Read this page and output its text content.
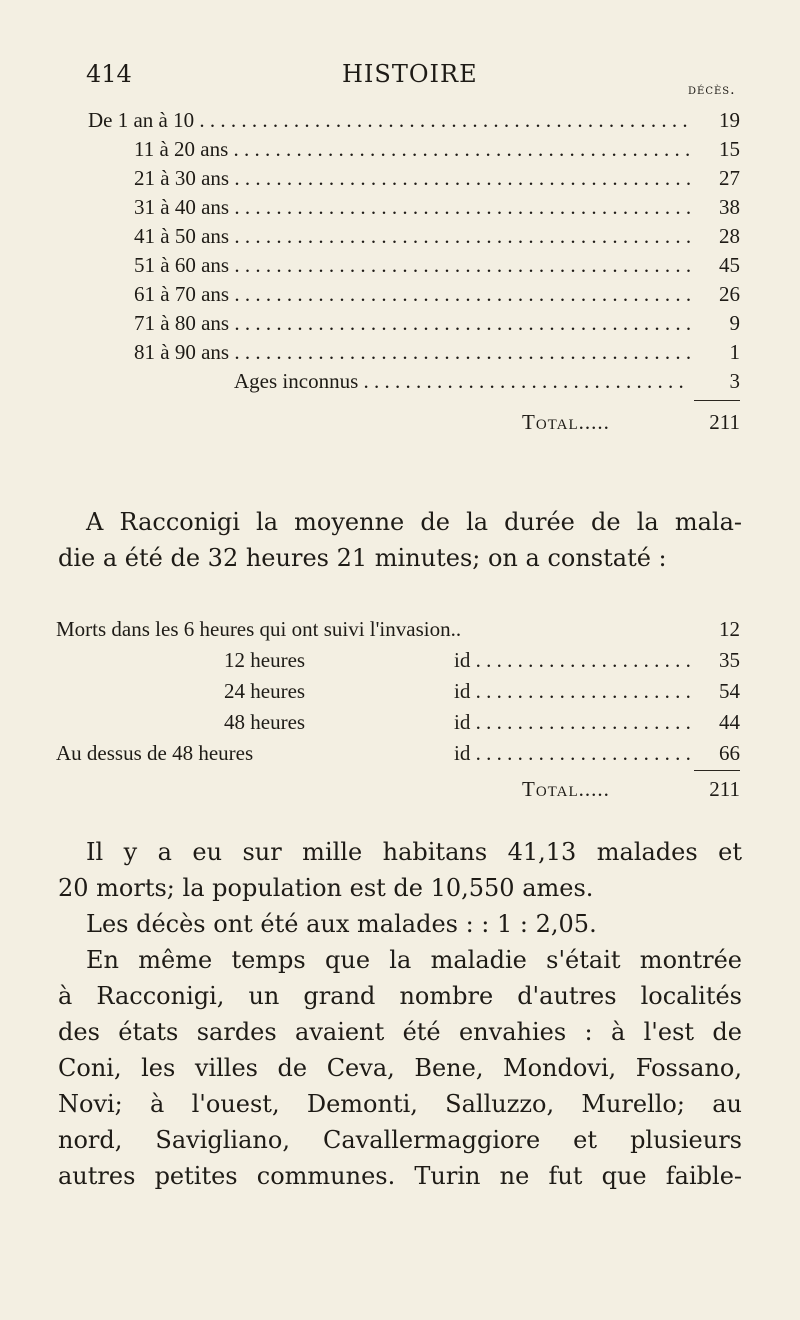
414	HISTOIRE
décès.
De 1 an à 10 . . .	19
11 à 20 ans . . .	15
21 à 30 ans . . .	27
31 à 40 ans . . .	38
41 à 50 ans . . .	28
51 à 60 ans . . .	45
61 à 70 ans . . .	26
71 à 80 ans . . .	9
81 à 90 ans . . .	1
Ages inconnus . . .	3
Total.....	211
A Racconigi la moyenne de la durée de la mala-
die a été de 32 heures 21 minutes; on a constaté :
Morts dans les 6 heures qui ont suivi l'invasion..	12
12 heures	id . . .	35
24 heures	id . . .	54
48 heures	id . . .	44
Au dessus de 48 heures	id . . .	66
Total.....	211
Il y a eu sur mille habitans 41,13 malades et
20 morts; la population est de 10,550 ames.
Les décès ont été aux malades : : 1 : 2,05.
En même temps que la maladie s'était montrée
à Racconigi, un grand nombre d'autres localités
des états sardes avaient été envahies : à l'est de
Coni, les villes de Ceva, Bene, Mondovi, Fossano,
Novi; à l'ouest, Demonti, Salluzzo, Murello; au
nord, Savigliano, Cavallermaggiore et plusieurs
autres petites communes. Turin ne fut que faible-
